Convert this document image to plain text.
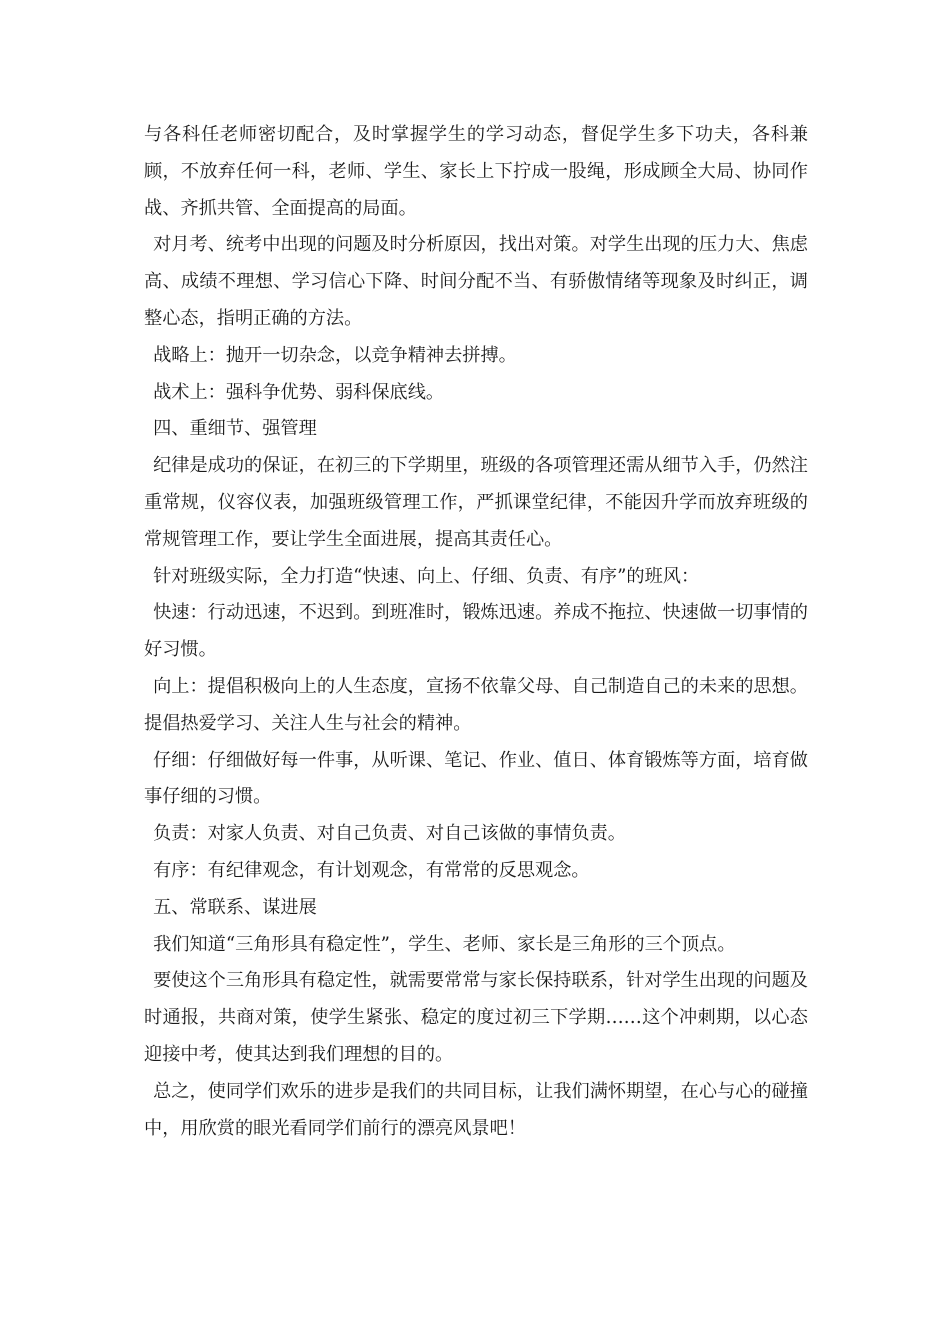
与各科任老师密切配合，及时掌握学生的学习动态，督促学生多下功夫，各科兼顾，不放弃任何一科，老师、学生、家长上下拧成一股绳，形成顾全大局、协同作战、齐抓共管、全面提高的局面。

对月考、统考中出现的问题及时分析原因，找出对策。对学生出现的压力大、焦虑高、成绩不理想、学习信心下降、时间分配不当、有骄傲情绪等现象及时纠正，调整心态，指明正确的方法。

战略上：抛开一切杂念，以竞争精神去拼搏。

战术上：强科争优势、弱科保底线。

四、重细节、强管理

纪律是成功的保证，在初三的下学期里，班级的各项管理还需从细节入手，仍然注重常规，仪容仪表，加强班级管理工作，严抓课堂纪律，不能因升学而放弃班级的常规管理工作，要让学生全面进展，提高其责任心。

针对班级实际，全力打造“快速、向上、仔细、负责、有序”的班风：

快速：行动迅速，不迟到。到班准时，锻炼迅速。养成不拖拉、快速做一切事情的好习惯。

向上：提倡积极向上的人生态度，宣扬不依靠父母、自己制造自己的未来的思想。提倡热爱学习、关注人生与社会的精神。

仔细：仔细做好每一件事，从听课、笔记、作业、值日、体育锻炼等方面，培育做事仔细的习惯。

负责：对家人负责、对自己负责、对自己该做的事情负责。

有序：有纪律观念，有计划观念，有常常的反思观念。

五、常联系、谋进展

我们知道“三角形具有稳定性”，学生、老师、家长是三角形的三个顶点。

要使这个三角形具有稳定性，就需要常常与家长保持联系，针对学生出现的问题及时通报，共商对策，使学生紧张、稳定的度过初三下学期……这个冲刺期，以心态迎接中考，使其达到我们理想的目的。

总之，使同学们欢乐的进步是我们的共同目标，让我们满怀期望，在心与心的碰撞中，用欣赏的眼光看同学们前行的漂亮风景吧！
